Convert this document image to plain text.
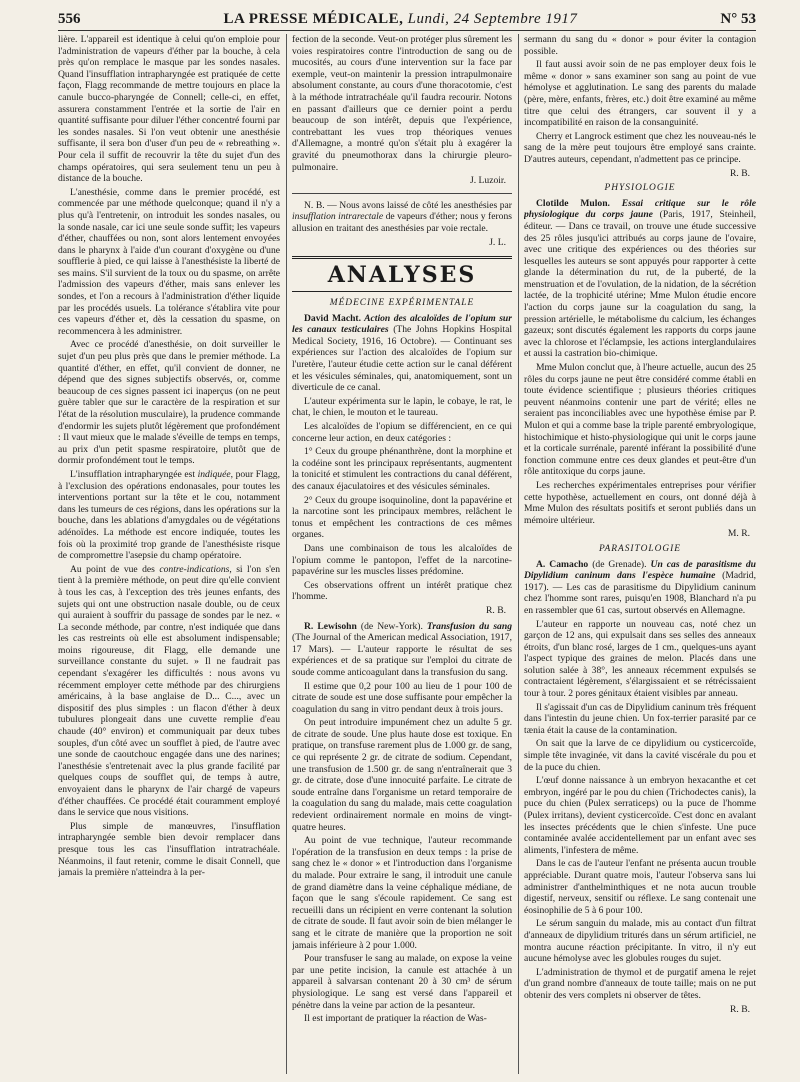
556	LA PRESSE MÉDICALE, Lundi, 24 Septembre 1917	N° 53

lière. L'appareil est identique à celui qu'on emploie pour l'administration de vapeurs d'éther par la bouche, à cela près qu'on remplace le masque par les sondes nasales. Quand l'insufflation intrapharyngée est pratiquée de cette façon, Flagg recommande de mettre toujours en place la canule bucco-pharyngée de Connell; celle-ci, en effet, assurera constamment l'entrée et la sortie de l'air en quantité suffisante pour diluer l'éther concentré fourni par les sondes nasales. Si l'on veut obtenir une anesthésie suffisante, il sera bon d'user d'un peu de « rebreathing ». Pour cela il suffit de recouvrir la tête du sujet d'un des champs opératoires, qui sera seulement tenu un peu à distance de la bouche.

L'anesthésie, comme dans le premier procédé, est commencée par une méthode quelconque; quand il n'y a plus qu'à l'entretenir, on introduit les sondes nasales, ou la sonde nasale, car ici une seule sonde suffit; les vapeurs d'éther, chauffées ou non, sont alors lentement envoyées dans le pharynx à l'aide d'un courant d'oxygène ou d'une soufflerie à pied, ce qui laisse à l'anesthésiste la liberté de ses mains. S'il survient de la toux ou du spasme, on arrête l'admission des vapeurs d'éther, mais sans enlever les sondes, et l'on a recours à l'administration d'éther liquide par les procédés usuels. La tolérance s'établira vite pour ces vapeurs d'éther et, dès la cessation du spasme, on recommencera à les administrer.

Avec ce procédé d'anesthésie, on doit surveiller le sujet d'un peu plus près que dans le premier méthode. La quantité d'éther, en effet, qu'il convient de donner, ne dépend que des signes subjectifs observés, or, comme beaucoup de ces signes passent ici inaperçus (on ne peut guère tabler que sur le caractère de la respiration et sur l'état de la résolution musculaire), la prudence commande d'endormir les sujets plutôt légèrement que profondément : Il vaut mieux que le malade s'éveille de temps en temps, au prix d'un petit spasme respiratoire, plutôt que de dormir profondément tout le temps.

L'insufflation intrapharyngée est indiquée, pour Flagg, à l'exclusion des opérations endonasales, pour toutes les interventions portant sur la tête et le cou, notamment dans les tumeurs de ces régions, dans les opérations sur la bouche, dans les ablations d'amygdales ou de végétations adénoïdes. La méthode est encore indiquée, toutes les fois où la proximité trop grande de l'anesthésiste risque de compromettre l'asepsie du champ opératoire.

Au point de vue des contre-indications, si l'on s'en tient à la première méthode, on peut dire qu'elle convient à tous les cas, à l'exception des très jeunes enfants, des sujets qui ont une obstruction nasale double, ou de ceux qui auraient à souffrir du passage de sondes par le nez. « La seconde méthode, par contre, n'est indiquée que dans les cas restreints où elle est absolument indispensable; moins rigoureuse, dit Flagg, elle demande une surveillance constante du sujet. » Il ne faudrait pas cependant s'exagérer les difficultés : nous avons vu récemment employer cette méthode par des chirurgiens américains, à la base anglaise de D... C..., avec un dispositif des plus simples : un flacon d'éther à deux tubulures plongeait dans une cuvette remplie d'eau chaude (40° environ) et communiquait par deux tubes souples, d'un côté avec un soufflet à pied, de l'autre avec une sonde de caoutchouc engagée dans une des narines; l'anesthésie s'entretenait avec la plus grande facilité par quelques coups de soufflet qui, de temps à autre, envoyaient dans le pharynx de l'air chargé de vapeurs d'éther chauffées. Ce procédé était couramment employé dans le service que nous visitions.

Plus simple de manœuvres, l'insufflation intrapharyngée semble bien devoir remplacer dans presque tous les cas l'insufflation intratrachéale. Néanmoins, il faut retenir, comme le disait Connell, que jamais la première n'atteindra à la per-

fection de la seconde. Veut-on protéger plus sûrement les voies respiratoires contre l'introduction de sang ou de mucosités, au cours d'une intervention sur la face par exemple, veut-on maintenir la pression intrapulmonaire absolument constante, au cours d'une thoracotomie, c'est à la méthode intratrachéale qu'il faudra recourir. Notons en passant d'ailleurs que ce dernier point a perdu beaucoup de son intérêt, depuis que l'expérience, contrebattant les vues trop théoriques venues d'Allemagne, a montré qu'on s'était plu à exagérer la gravité du pneumothorax dans la chirurgie pleuro-pulmonaire.

J. Luzoir.

N. B. — Nous avons laissé de côté les anesthésies par insufflation intrarectale de vapeurs d'éther; nous y ferons allusion en traitant des anesthésies par voie rectale.

J. L.
ANALYSES
MÉDECINE EXPÉRIMENTALE

David Macht. Action des alcaloïdes de l'opium sur les canaux testiculaires (The Johns Hopkins Hospital Medical Society, 1916, 16 Octobre). — Continuant ses expériences sur l'action des alcaloïdes de l'opium sur l'uretère, l'auteur étudie cette action sur le canal déférent et les vésicules séminales, qui, anatomiquement, sont un diverticule de ce canal.

L'auteur expérimenta sur le lapin, le cobaye, le rat, le chat, le chien, le mouton et le taureau.

Les alcaloïdes de l'opium se différencient, en ce qui concerne leur action, en deux catégories :

1° Ceux du groupe phénanthrène, dont la morphine et la codéine sont les principaux représentants, augmentent la tonicité et stimulent les contractions du canal déférent, des canaux éjaculatoires et des vésicules séminales.

2° Ceux du groupe isoquinoline, dont la papavérine et la narcotine sont les principaux membres, relâchent le tonus et empêchent les contractions de ces mêmes organes.

Dans une combinaison de tous les alcaloïdes de l'opium comme le pantopon, l'effet de la narcotine-papavérine sur les muscles lisses prédomine.

Ces observations offrent un intérêt pratique chez l'homme.

R. B.

R. Lewisohn (de New-York). Transfusion du sang (The Journal of the American medical Association, 1917, 17 Mars). — L'auteur rapporte le résultat de ses expériences et de sa pratique sur l'emploi du citrate de soude comme anticoagulant dans la transfusion du sang.

Il estime que 0,2 pour 100 au lieu de 1 pour 100 de citrate de soude est une dose suffisante pour empêcher la coagulation du sang in vitro pendant deux à trois jours.

On peut introduire impunément chez un adulte 5 gr. de citrate de soude. Une plus haute dose est toxique. En pratique, on transfuse rarement plus de 1.000 gr. de sang, ce qui représente 2 gr. de citrate de sodium. Cependant, une transfusion de 1.500 gr. de sang n'entraînerait que 3 gr. de citrate, dose d'une innocuité parfaite. Le citrate de soude entraîne dans l'organisme un retard temporaire de la coagulation du sang du malade, mais cette coagulation redevient ordinairement normale en moins de vingt-quatre heures.

Au point de vue technique, l'auteur recommande l'opération de la transfusion en deux temps : la prise de sang chez le « donor » et l'introduction dans l'organisme du malade. Pour extraire le sang, il introduit une canule de grand diamètre dans la veine céphalique médiane, de façon que le sang s'écoule rapidement. Ce sang est recueilli dans un récipient en verre contenant la solution de citrate de soude. Il faut avoir soin de bien mélanger le sang et le citrate de manière que la proportion ne soit jamais inférieure à 2 pour 1.000.

Pour transfuser le sang au malade, on expose la veine par une petite incision, la canule est attachée à un appareil à salvarsan contenant 20 à 30 cm³ de sérum physiologique. Le sang est versé dans l'appareil et pénètre dans la veine par action de la pesanteur.

Il est important de pratiquer la réaction de Was-

sermann du sang du « donor » pour éviter la contagion possible.

Il faut aussi avoir soin de ne pas employer deux fois le même « donor » sans examiner son sang au point de vue hémolyse et agglutination. Le sang des parents du malade (père, mère, enfants, frères, etc.) doit être examiné au même titre que celui des étrangers, car souvent il y a incompatibilité en raison de la consanguinité.

Cherry et Langrock estiment que chez les nouveau-nés le sang de la mère peut toujours être employé sans crainte. D'autres auteurs, cependant, n'admettent pas ce principe.

R. B.
PHYSIOLOGIE

Clotilde Mulon. Essai critique sur le rôle physiologique du corps jaune (Paris, 1917, Steinheil, éditeur. — Dans ce travail, on trouve une étude successive des 25 rôles jusqu'ici attribués au corps jaune de l'ovaire, avec une critique des expériences ou des théories sur lesquelles les auteurs se sont appuyés pour rapporter à cette glande la détermination du rut, de la puberté, de la menstruation et de l'ovulation, de la nidation, de la sécrétion lactée, de la trophicité utérine; Mme Mulon étudie encore l'action du corps jaune sur la coagulation du sang, la pression artérielle, le métabolisme du calcium, les échanges gazeux; sont discutés également les rapports du corps jaune avec la chlorose et l'éclampsie, les actions interglandulaires et aussi la castration bio-chimique.

Mme Mulon conclut que, à l'heure actuelle, aucun des 25 rôles du corps jaune ne peut être considéré comme établi en toute évidence scientifique ; plusieurs théories critiques peuvent néanmoins contenir une part de vérité; elles ne seraient pas inconciliables avec une hypothèse émise par P. Mulon et qui a comme base la triple parenté embryologique, histochimique et histo-physiologique qui unit le corps jaune et la corticale surrénale, parenté inférant la possibilité d'une fonction commune entre ces deux glandes et peut-être d'un rôle antitoxique du corps jaune.

Les recherches expérimentales entreprises pour vérifier cette hypothèse, actuellement en cours, ont donné déjà à Mme Mulon des résultats positifs et seront publiés dans un mémoire ultérieur.

M. R.
PARASITOLOGIE

A. Camacho (de Grenade). Un cas de parasitisme du Dipylidium caninum dans l'espèce humaine (Madrid, 1917). — Les cas de parasitisme du Dipylidium caninum chez l'homme sont rares, puisqu'en 1908, Blanchard n'a pu en rassembler que 61 cas, surtout observés en Allemagne.

L'auteur en rapporte un nouveau cas, noté chez un garçon de 12 ans, qui expulsait dans ses selles des anneaux étroits, d'un blanc rosé, larges de 1 cm., quelques-uns ayant l'aspect typique des graines de melon. Placés dans une solution salée à 38°, les anneaux récemment expulsés se contractaient légèrement, s'élargissaient et se rétrécissaient tour à tour. 2 pores génitaux étaient visibles par anneau.

Il s'agissait d'un cas de Dipylidium caninum très fréquent dans l'intestin du jeune chien. Un fox-terrier parasité par ce tænia était la cause de la contamination.

On sait que la larve de ce dipylidium ou cysticercoïde, simple tête invaginée, vit dans la cavité viscérale du pou et de la puce du chien.

L'œuf donne naissance à un embryon hexacanthe et cet embryon, ingéré par le pou du chien (Trichodectes canis), la puce du chien (Pulex serraticeps) ou la puce de l'homme (Pulex irritans), devient cysticercoïde. C'est donc en avalant les insectes précédents que le chien s'infeste. Une puce contaminée avalée accidentellement par un enfant avec ses aliments, l'infestera de même.

Dans le cas de l'auteur l'enfant ne présenta aucun trouble appréciable. Durant quatre mois, l'auteur l'observa sans lui administrer d'anthelminthiques et ne nota aucun trouble digestif, nerveux, sensitif ou réflexe. Le sang contenait une éosinophilie de 5 à 6 pour 100.

Le sérum sanguin du malade, mis au contact d'un filtrat d'anneaux de dipylidium triturés dans un sérum artificiel, ne montra aucune réaction précipitante. In vitro, il n'y eut aucune hémolyse avec les globules rouges du sujet.

L'administration de thymol et de purgatif amena le rejet d'un grand nombre d'anneaux de toute taille; mais on ne put obtenir des vers complets ni observer de têtes.

R. B.
